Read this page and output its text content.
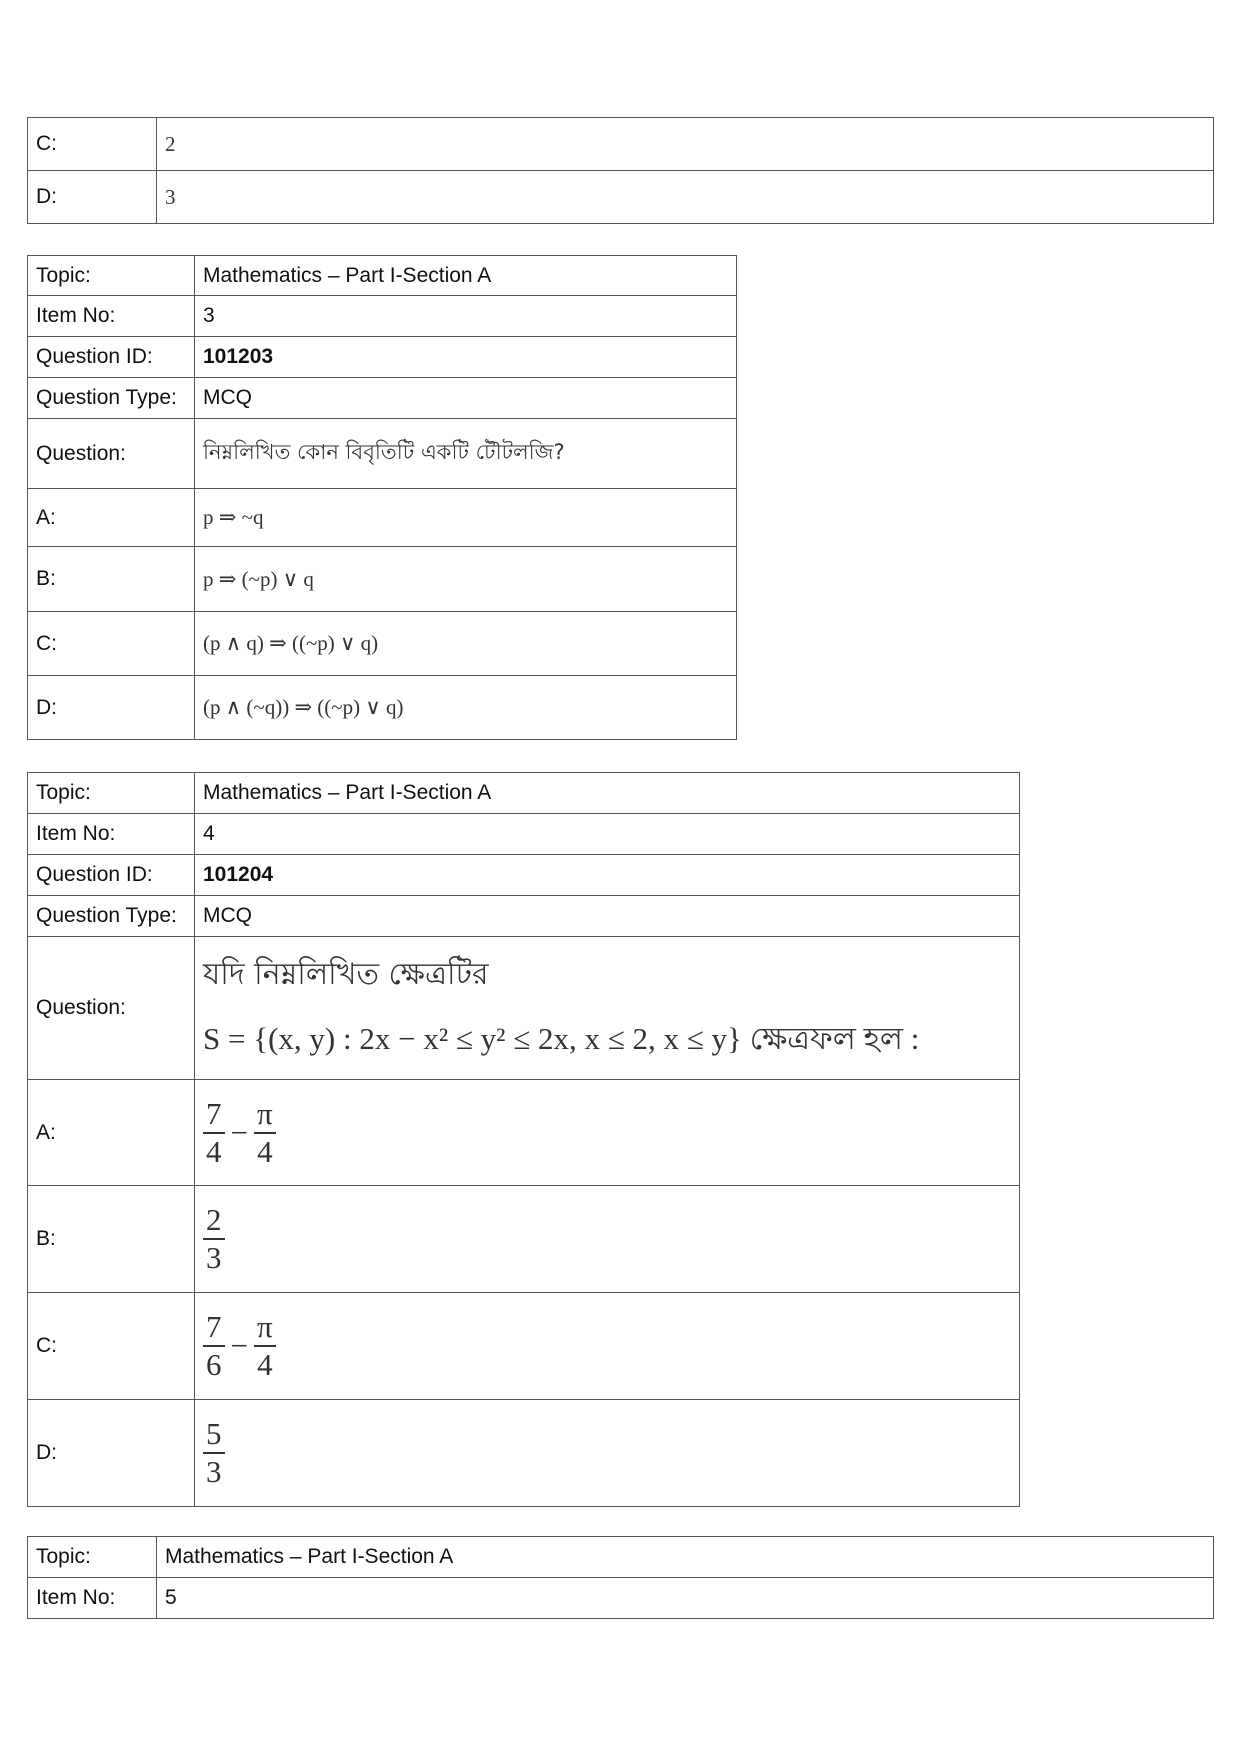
C:	2
D:	3
Topic:	Mathematics – Part I-Section A
Item No:	3
Question ID:	101203
Question Type:	MCQ
Question:	নিম্নলিখিত কোন বিবৃতিটি একটি টৌটলজি?
A:	p ⇒ ~q
B:	p ⇒ (~p) ∨ q
C:	(p ∧ q) ⇒ ((~p) ∨ q)
D:	(p ∧ (~q)) ⇒ ((~p) ∨ q)
Topic:	Mathematics – Part I-Section A
Item No:	4
Question ID:	101204
Question Type:	MCQ
Question:	যদি নিম্নলিখিত ক্ষেত্রটির
S = {(x, y) : 2x − x² ≤ y² ≤ 2x, x ≤ 2, x ≤ y} ক্ষেত্রফল হল :

A:	$\frac{7}{4} - \frac{\pi}{4}$

B:	$\frac{2}{3}$

C:	$\frac{7}{6} - \frac{\pi}{4}$

D:	$\frac{5}{3}$
Topic:	Mathematics – Part I-Section A
Item No:	5
